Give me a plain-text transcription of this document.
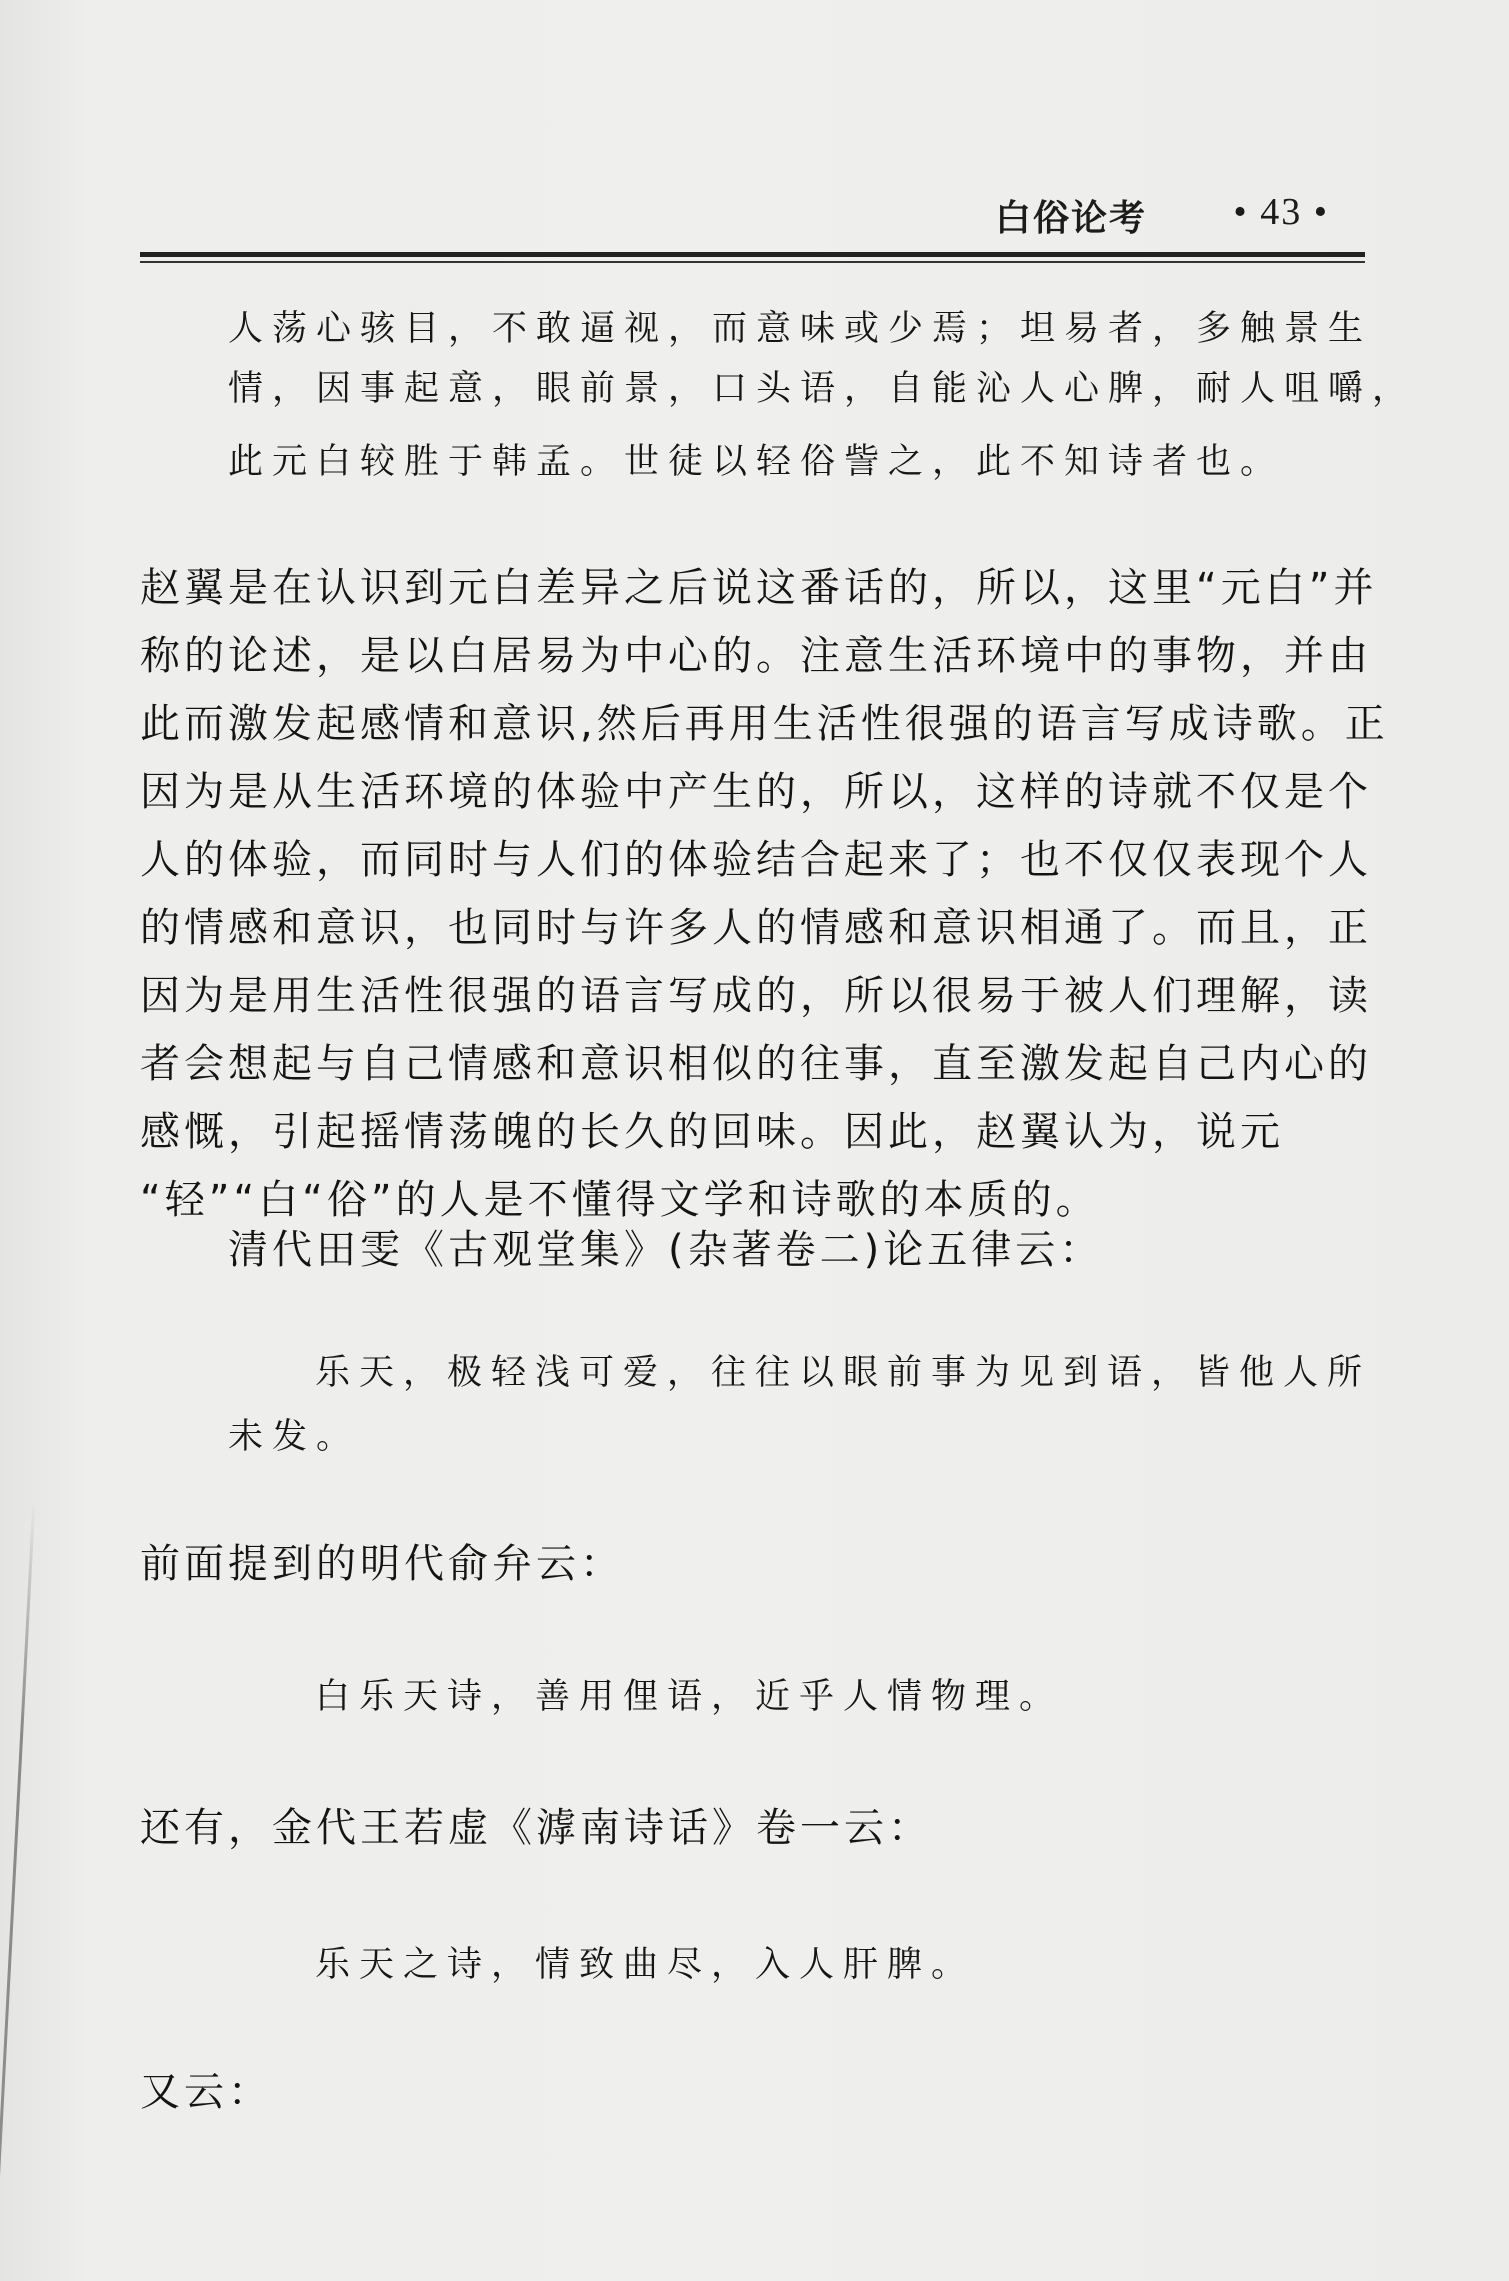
白俗论考 • 43 •
人荡心骇目，不敢逼视，而意味或少焉；坦易者，多触景生
情，因事起意，眼前景，口头语，自能沁人心脾，耐人咀嚼，
此元白较胜于韩孟。世徒以轻俗訾之，此不知诗者也。
赵翼是在认识到元白差异之后说这番话的，所以，这里“元白”并
称的论述，是以白居易为中心的。注意生活环境中的事物，并由
此而激发起感情和意识,然后再用生活性很强的语言写成诗歌。正
因为是从生活环境的体验中产生的，所以，这样的诗就不仅是个
人的体验，而同时与人们的体验结合起来了；也不仅仅表现个人
的情感和意识，也同时与许多人的情感和意识相通了。而且，正
因为是用生活性很强的语言写成的，所以很易于被人们理解，读
者会想起与自己情感和意识相似的往事，直至激发起自己内心的
感慨，引起摇情荡魄的长久的回味。因此，赵翼认为，说元
“轻”“白“俗”的人是不懂得文学和诗歌的本质的。
清代田雯《古观堂集》(杂著卷二)论五律云：
乐天，极轻浅可爱，往往以眼前事为见到语，皆他人所
未发。
前面提到的明代俞弁云：
白乐天诗，善用俚语，近乎人情物理。
还有，金代王若虚《滹南诗话》卷一云：
乐天之诗，情致曲尽，入人肝脾。
又云：
